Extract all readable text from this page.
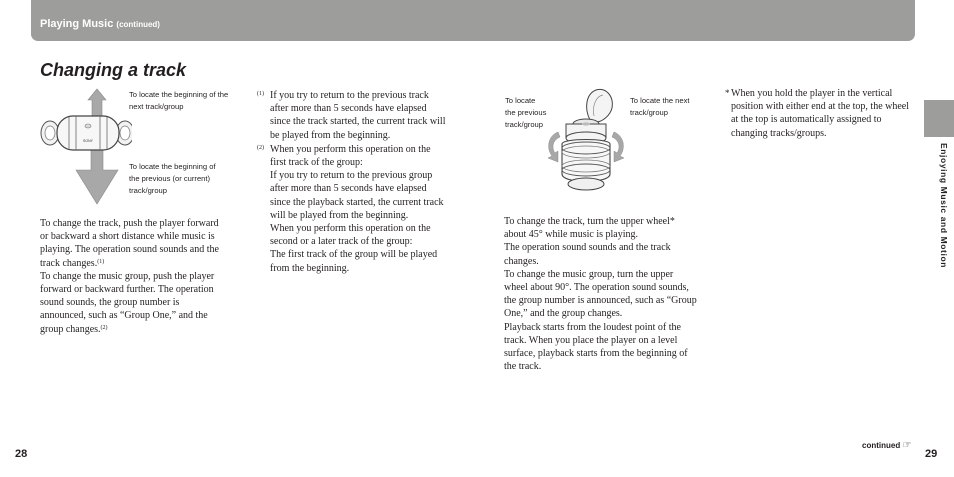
Playing Music (continued)
Changing a track
SONY
To locate the beginning of the
next track/group
To locate the beginning of
the previous (or current)
track/group

To change the track, push the player forward or backward a short distance while music is playing. The operation sound sounds and the track changes.$^{(1)}$

To change the music group, push the player forward or backward further. The operation sound sounds, the group number is announced, such as “Group One,” and the group changes.$^{(2)}$

(1) If you try to return to the previous track after more than 5 seconds have elapsed since the track started, the current track will be played from the beginning.

(2) When you perform this operation on the first track of the group:

If you try to return to the previous group after more than 5 seconds have elapsed since the playback started, the current track will be played from the beginning.

When you perform this operation on the second or a later track of the group:

The first track of the group will be played from the beginning.

To locate
the previous
track/group
To locate the next
track/group

To change the track, turn the upper wheel* about 45° while music is playing.

The operation sound sounds and the track changes.

To change the music group, turn the upper wheel about 90°. The operation sound sounds, the group number is announced, such as “Group One,” and the group changes.

Playback starts from the loudest point of the track. When you place the player on a level surface, playback starts from the beginning of the track.

* When you hold the player in the vertical position with either end at the top, the wheel at the top is automatically assigned to changing tracks/groups.

Enjoying Music and Motion
28
continued ☞
29
